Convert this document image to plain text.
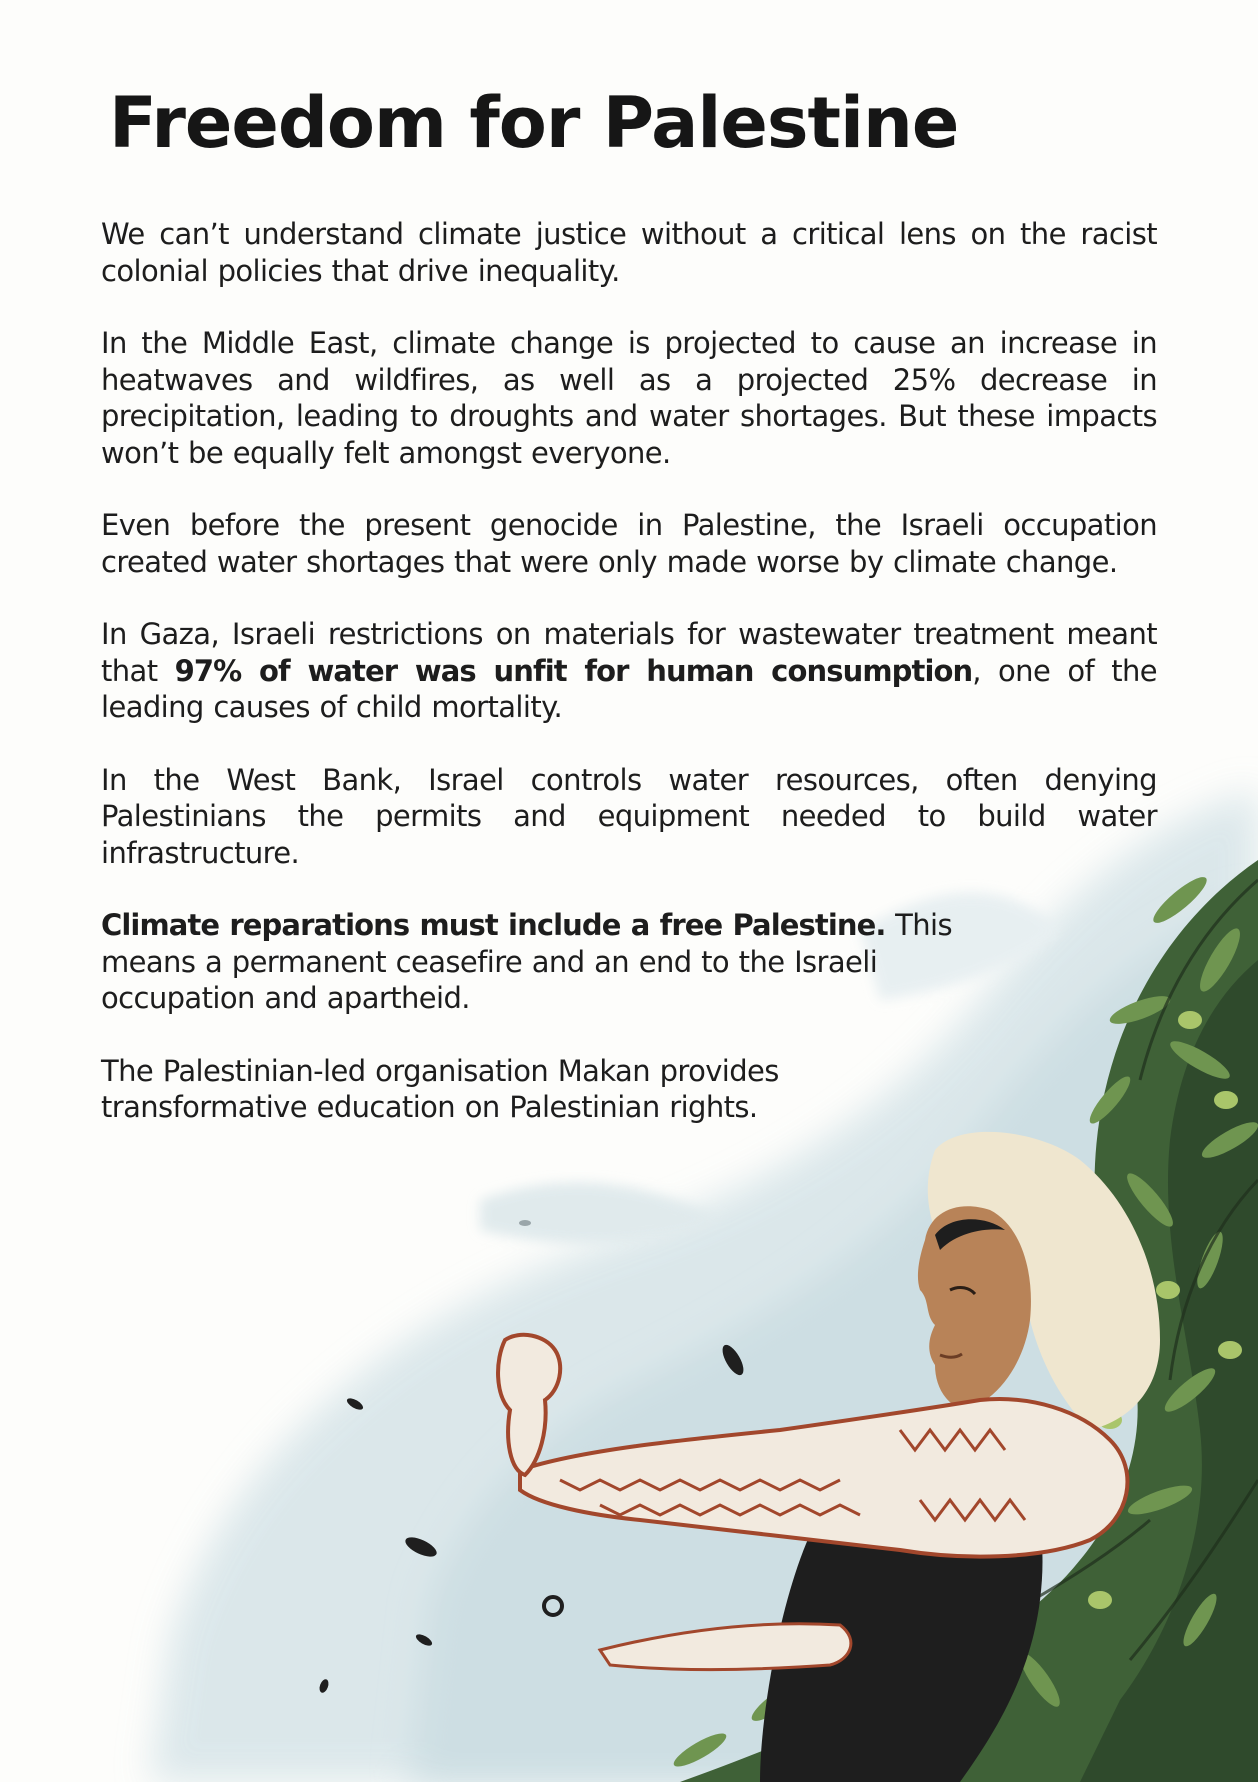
Freedom for Palestine

We can’t understand climate justice without a critical lens on the racist colonial policies that drive inequality.

In the Middle East, climate change is projected to cause an increase in heatwaves and wildfires, as well as a projected 25% decrease in precipitation, leading to droughts and water shortages. But these impacts won’t be equally felt amongst everyone.

Even before the present genocide in Palestine, the Israeli occupation created water shortages that were only made worse by climate change.

In Gaza, Israeli restrictions on materials for wastewater treatment meant that 97% of water was unfit for human consumption, one of the leading causes of child mortality.

In the West Bank, Israel controls water resources, often denying Palestinians the permits and equipment needed to build water infrastructure.

Climate reparations must include a free Palestine. This means a permanent ceasefire and an end to the Israeli occupation and apartheid.

The Palestinian-led organisation Makan provides transformative education on Palestinian rights.
